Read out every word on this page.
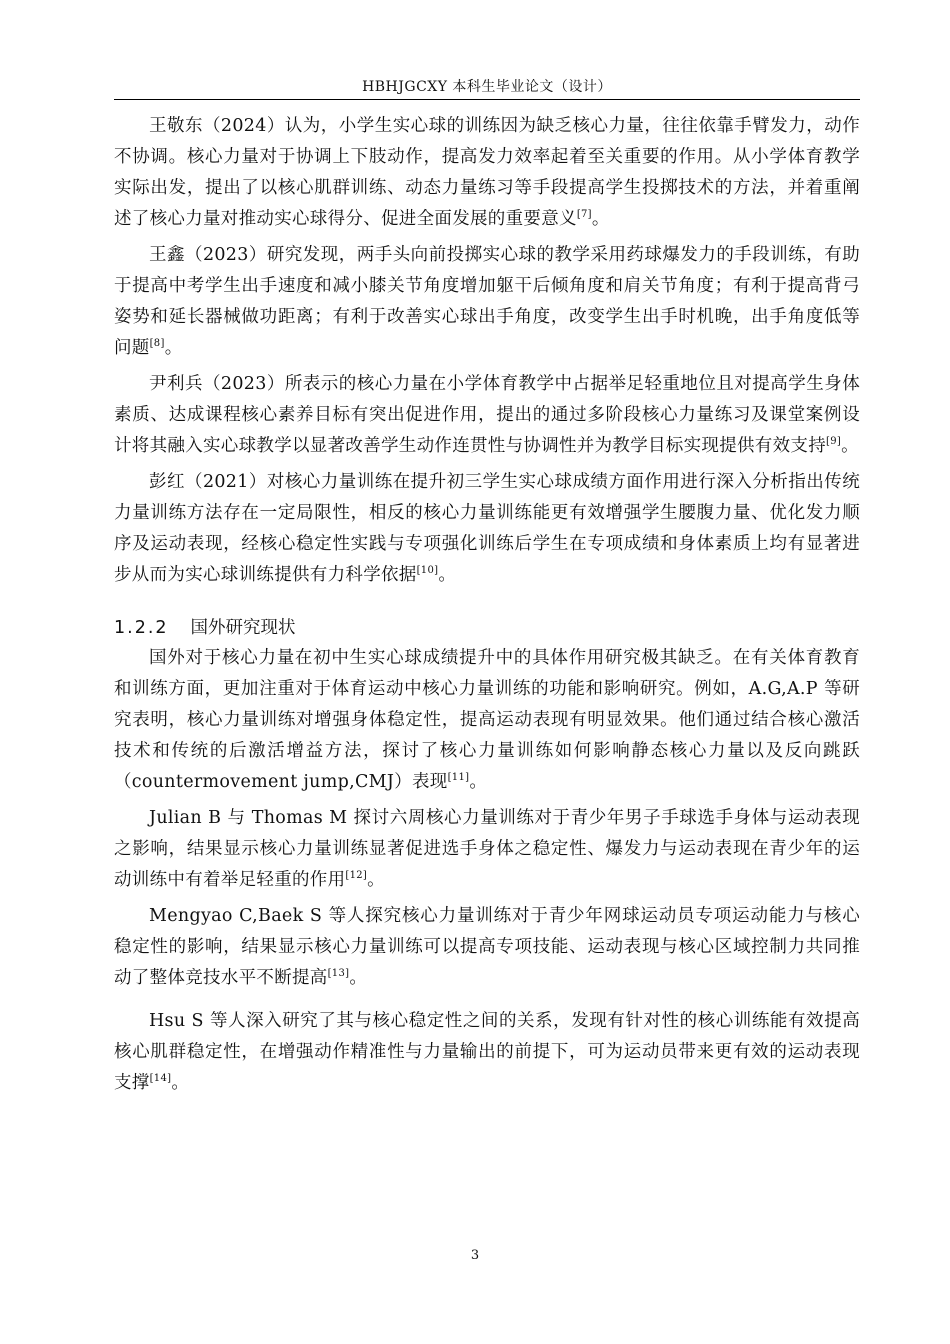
HBHJGCXY 本科生毕业论文（设计）

王敬东（2024）认为，小学生实心球的训练因为缺乏核心力量，往往依靠手臂发力，动作不协调。核心力量对于协调上下肢动作，提高发力效率起着至关重要的作用。从小学体育教学实际出发，提出了以核心肌群训练、动态力量练习等手段提高学生投掷技术的方法，并着重阐述了核心力量对推动实心球得分、促进全面发展的重要意义[7]。

王鑫（2023）研究发现，两手头向前投掷实心球的教学采用药球爆发力的手段训练，有助于提高中考学生出手速度和减小膝关节角度增加躯干后倾角度和肩关节角度；有利于提高背弓姿势和延长器械做功距离；有利于改善实心球出手角度，改变学生出手时机晚，出手角度低等问题[8]。

尹利兵（2023）所表示的核心力量在小学体育教学中占据举足轻重地位且对提高学生身体素质、达成课程核心素养目标有突出促进作用，提出的通过多阶段核心力量练习及课堂案例设计将其融入实心球教学以显著改善学生动作连贯性与协调性并为教学目标实现提供有效支持[9]。

彭红（2021）对核心力量训练在提升初三学生实心球成绩方面作用进行深入分析指出传统力量训练方法存在一定局限性，相反的核心力量训练能更有效增强学生腰腹力量、优化发力顺序及运动表现，经核心稳定性实践与专项强化训练后学生在专项成绩和身体素质上均有显著进步从而为实心球训练提供有力科学依据[10]。

1.2.2 国外研究现状

国外对于核心力量在初中生实心球成绩提升中的具体作用研究极其缺乏。在有关体育教育和训练方面，更加注重对于体育运动中核心力量训练的功能和影响研究。例如，A.G,A.P 等研究表明，核心力量训练对增强身体稳定性，提高运动表现有明显效果。他们通过结合核心激活技术和传统的后激活增益方法，探讨了核心力量训练如何影响静态核心力量以及反向跳跃（countermovement jump,CMJ）表现[11]。

Julian B 与 Thomas M 探讨六周核心力量训练对于青少年男子手球选手身体与运动表现之影响，结果显示核心力量训练显著促进选手身体之稳定性、爆发力与运动表现在青少年的运动训练中有着举足轻重的作用[12]。

Mengyao C,Baek S 等人探究核心力量训练对于青少年网球运动员专项运动能力与核心稳定性的影响，结果显示核心力量训练可以提高专项技能、运动表现与核心区域控制力共同推动了整体竞技水平不断提高[13]。

Hsu S 等人深入研究了其与核心稳定性之间的关系，发现有针对性的核心训练能有效提高核心肌群稳定性，在增强动作精准性与力量输出的前提下，可为运动员带来更有效的运动表现支撑[14]。

3
